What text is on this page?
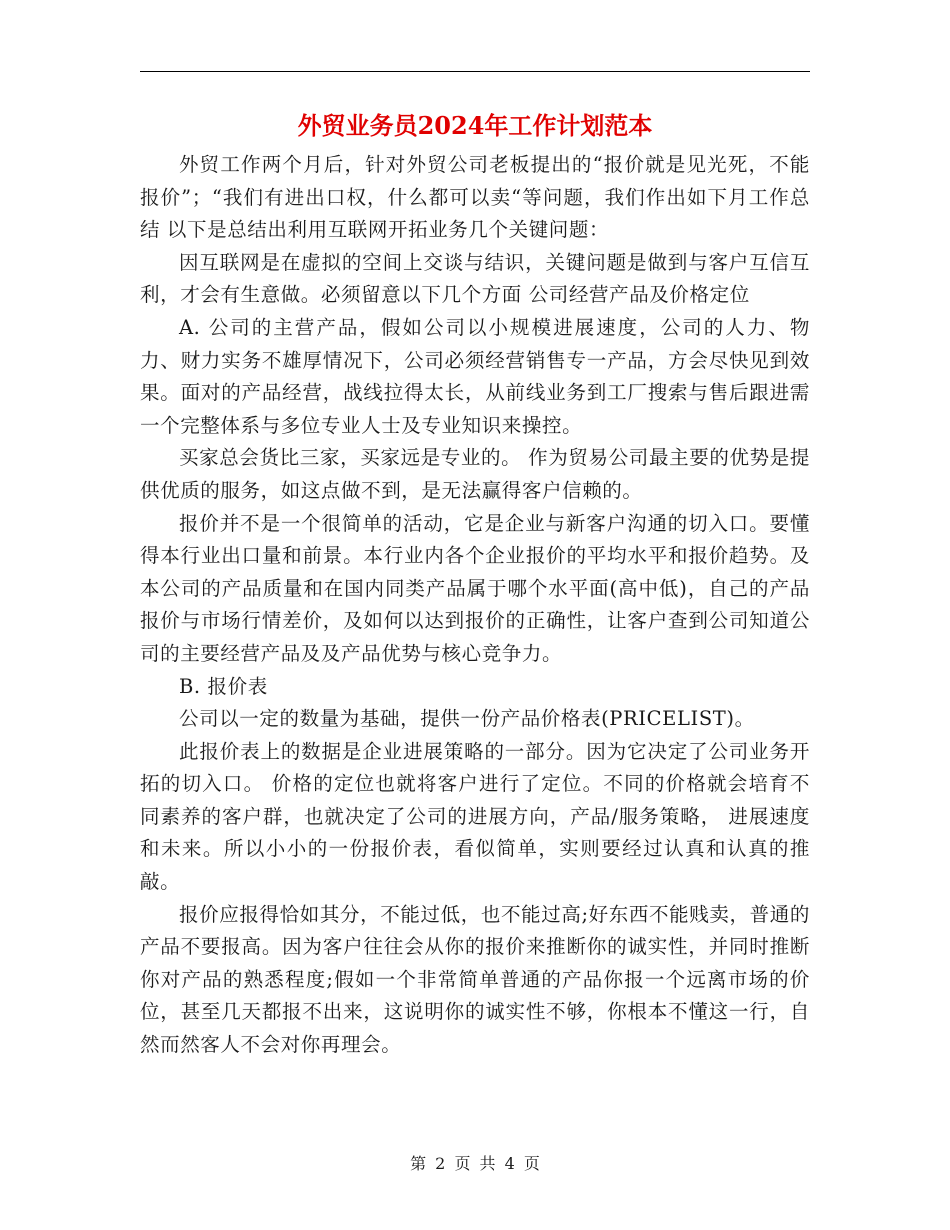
外贸业务员2024年工作计划范本

外贸工作两个月后，针对外贸公司老板提出的“报价就是见光死，不能报价”；“我们有进出口权，什么都可以卖“等问题，我们作出如下月工作总结 以下是总结出利用互联网开拓业务几个关键问题：

因互联网是在虚拟的空间上交谈与结识，关键问题是做到与客户互信互利，才会有生意做。必须留意以下几个方面 公司经营产品及价格定位

A. 公司的主营产品，假如公司以小规模进展速度，公司的人力、物力、财力实务不雄厚情况下，公司必须经营销售专一产品，方会尽快见到效果。面对的产品经营，战线拉得太长，从前线业务到工厂搜索与售后跟进需一个完整体系与多位专业人士及专业知识来操控。

买家总会货比三家，买家远是专业的。 作为贸易公司最主要的优势是提供优质的服务，如这点做不到，是无法赢得客户信赖的。

报价并不是一个很简单的活动，它是企业与新客户沟通的切入口。要懂得本行业出口量和前景。本行业内各个企业报价的平均水平和报价趋势。及本公司的产品质量和在国内同类产品属于哪个水平面(高中低)，自己的产品报价与市场行情差价，及如何以达到报价的正确性，让客户查到公司知道公司的主要经营产品及及产品优势与核心竞争力。

B. 报价表

公司以一定的数量为基础，提供一份产品价格表(PRICELIST)。

此报价表上的数据是企业进展策略的一部分。因为它决定了公司业务开拓的切入口。 价格的定位也就将客户进行了定位。不同的价格就会培育不同素养的客户群，也就决定了公司的进展方向，产品/服务策略， 进展速度和未来。所以小小的一份报价表，看似简单，实则要经过认真和认真的推敲。

报价应报得恰如其分，不能过低，也不能过高;好东西不能贱卖，普通的产品不要报高。因为客户往往会从你的报价来推断你的诚实性，并同时推断你对产品的熟悉程度;假如一个非常简单普通的产品你报一个远离市场的价位，甚至几天都报不出来，这说明你的诚实性不够，你根本不懂这一行，自然而然客人不会对你再理会。

第 2 页 共 4 页
